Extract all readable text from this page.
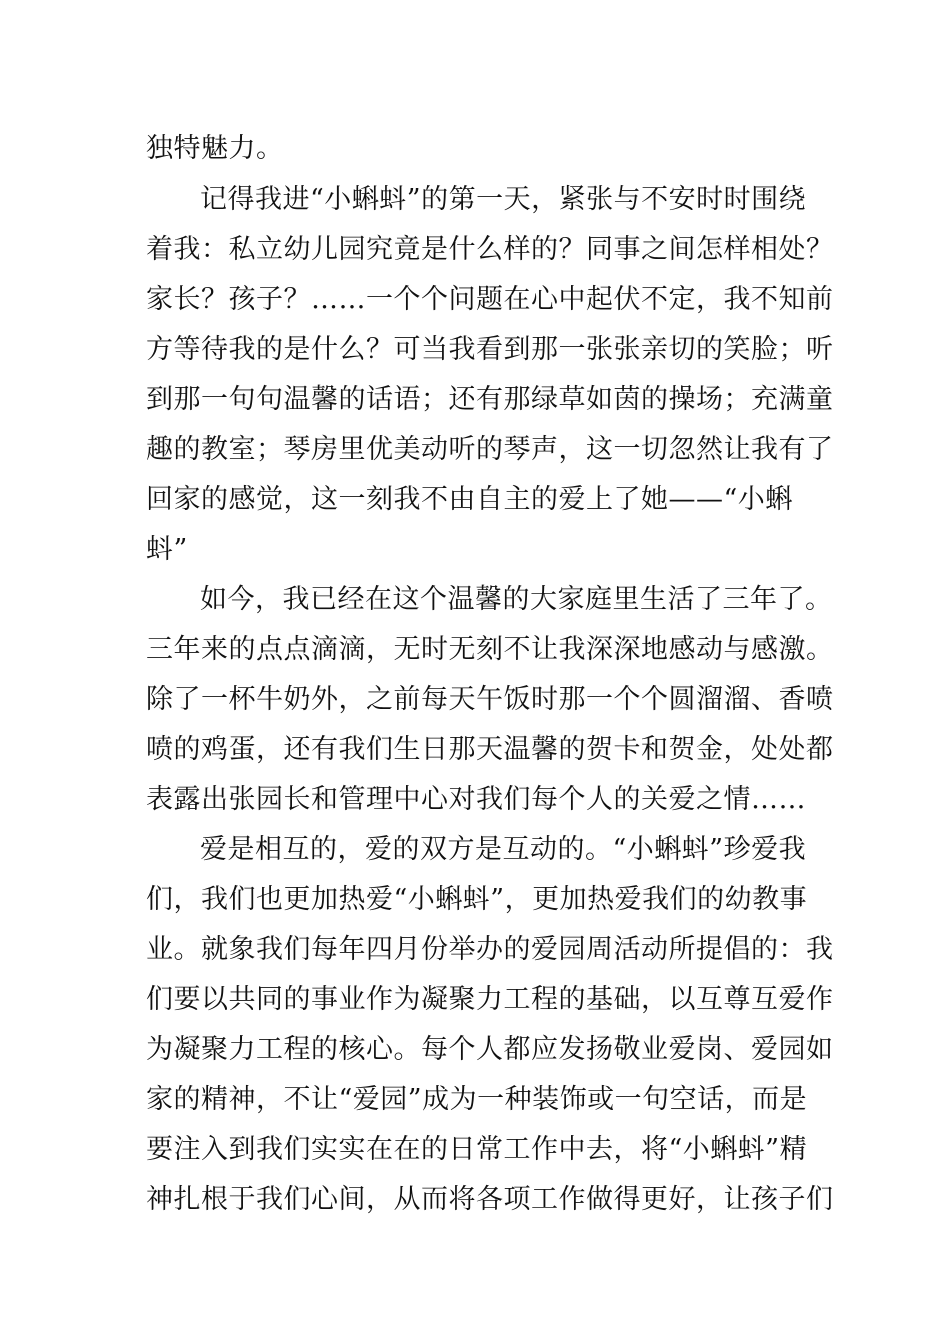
独特魅力。
记得我进“小蝌蚪”的第一天，紧张与不安时时围绕
着我：私立幼儿园究竟是什么样的？同事之间怎样相处？
家长？孩子？……一个个问题在心中起伏不定，我不知前
方等待我的是什么？可当我看到那一张张亲切的笑脸；听
到那一句句温馨的话语；还有那绿草如茵的操场；充满童
趣的教室；琴房里优美动听的琴声，这一切忽然让我有了
回家的感觉，这一刻我不由自主的爱上了她——“小蝌
蚪”
如今，我已经在这个温馨的大家庭里生活了三年了。
三年来的点点滴滴，无时无刻不让我深深地感动与感激。
除了一杯牛奶外，之前每天午饭时那一个个圆溜溜、香喷
喷的鸡蛋，还有我们生日那天温馨的贺卡和贺金，处处都
表露出张园长和管理中心对我们每个人的关爱之情……
爱是相互的，爱的双方是互动的。“小蝌蚪”珍爱我
们，我们也更加热爱“小蝌蚪”，更加热爱我们的幼教事
业。就象我们每年四月份举办的爱园周活动所提倡的：我
们要以共同的事业作为凝聚力工程的基础，以互尊互爱作
为凝聚力工程的核心。每个人都应发扬敬业爱岗、爱园如
家的精神，不让“爱园”成为一种装饰或一句空话，而是
要注入到我们实实在在的日常工作中去，将“小蝌蚪”精
神扎根于我们心间，从而将各项工作做得更好，让孩子们
